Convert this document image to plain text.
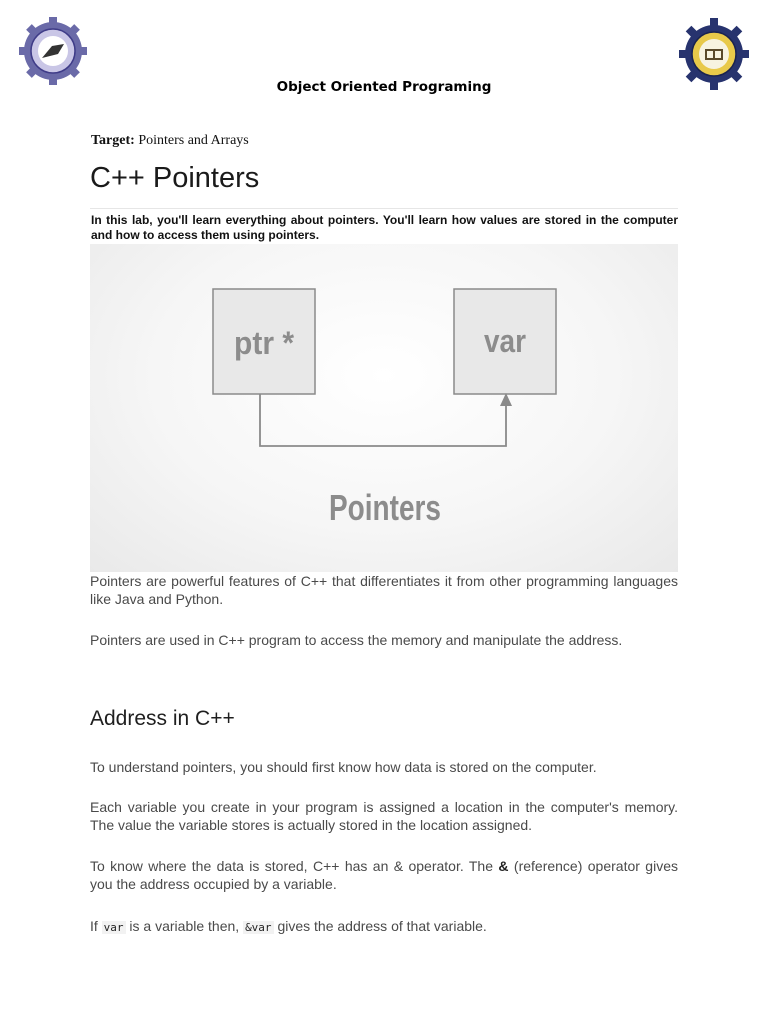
Object Oriented Programing
Target: Pointers and Arrays
C++ Pointers
In this lab, you'll learn everything about pointers. You'll learn how values are stored in the computer and how to access them using pointers.
ptr *	var
Pointers
Pointers are powerful features of C++ that differentiates it from other programming languages like Java and Python.
Pointers are used in C++ program to access the memory and manipulate the address.
Address in C++
To understand pointers, you should first know how data is stored on the computer.
Each variable you create in your program is assigned a location in the computer's memory. The value the variable stores is actually stored in the location assigned.
To know where the data is stored, C++ has an & operator. The & (reference) operator gives you the address occupied by a variable.
If var is a variable then, &var gives the address of that variable.
